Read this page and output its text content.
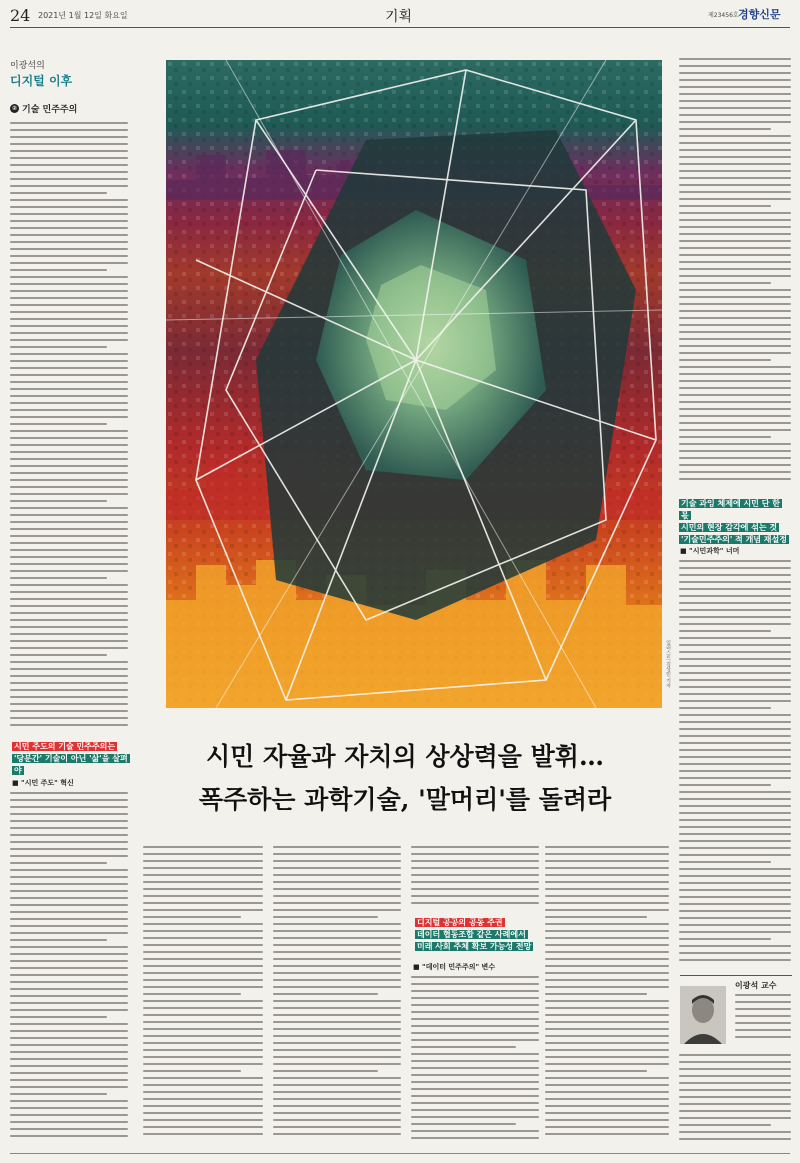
24 2021년 1월 12일 화요일	기획	제23456호 경향신문
이광석의
디지털 이후
② 기술 민주주의
시민 주도의 기술 민주주의는
'당분간' 기술이 아닌 '삶'을 살펴야
■ "시민 주도" 혁신
일러스트 김상민 기자
시민 자율과 자치의 상상력을 발휘…
폭주하는 과학기술, '말머리'를 돌려라
기술 과잉 체제에 시민 단 한 몫
시민의 현장 감각에 섞는 것
'기술민주주의' 적 개념 재설정
■ "시민과학" 너머
디지털 공공의 공동 주권
데이터 협동조합 같은 사례에서
미래 사회 주체 확보 가능성 전망
■ "데이터 민주주의" 변수
이광석 교수
